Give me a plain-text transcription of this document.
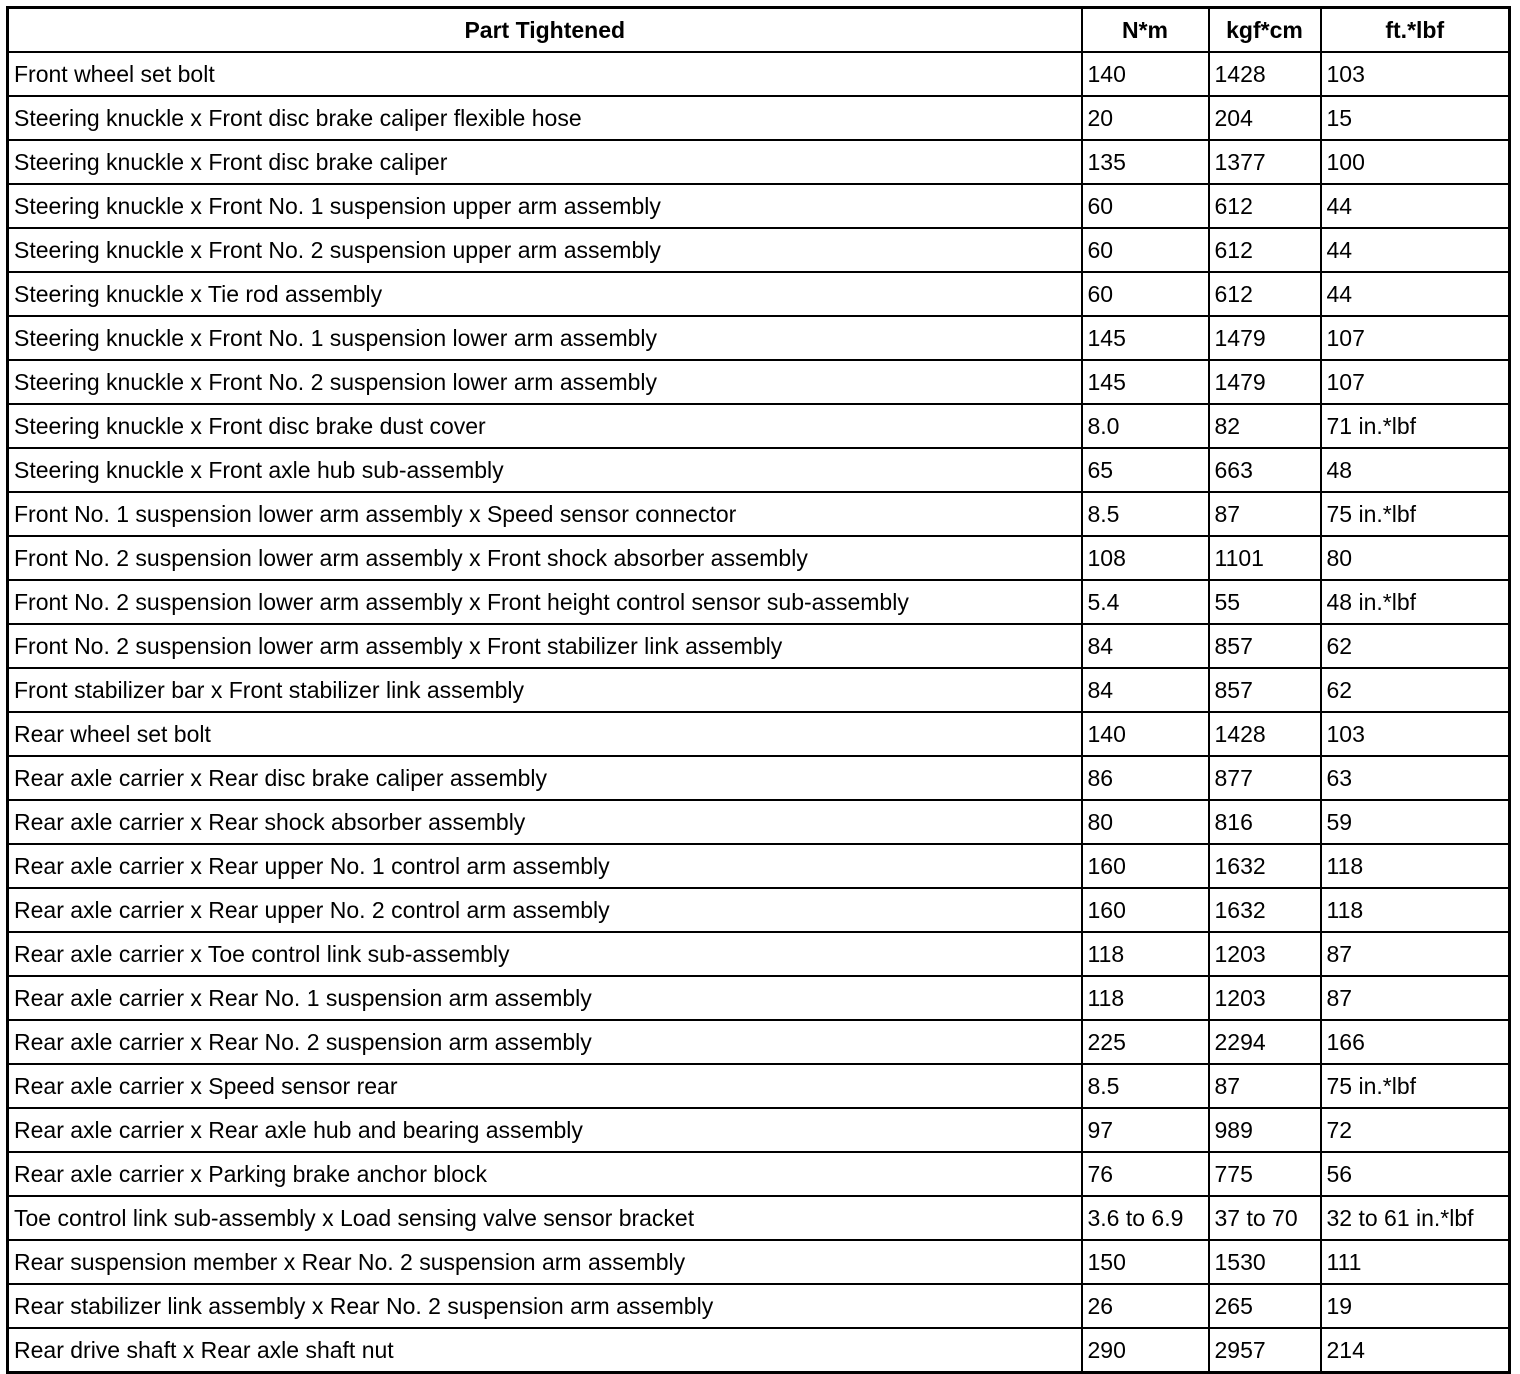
Part Tightened	N*m	kgf*cm	ft.*lbf
Front wheel set bolt	140	1428	103
Steering knuckle x Front disc brake caliper flexible hose	20	204	15
Steering knuckle x Front disc brake caliper	135	1377	100
Steering knuckle x Front No. 1 suspension upper arm assembly	60	612	44
Steering knuckle x Front No. 2 suspension upper arm assembly	60	612	44
Steering knuckle x Tie rod assembly	60	612	44
Steering knuckle x Front No. 1 suspension lower arm assembly	145	1479	107
Steering knuckle x Front No. 2 suspension lower arm assembly	145	1479	107
Steering knuckle x Front disc brake dust cover	8.0	82	71 in.*lbf
Steering knuckle x Front axle hub sub-assembly	65	663	48
Front No. 1 suspension lower arm assembly x Speed sensor connector	8.5	87	75 in.*lbf
Front No. 2 suspension lower arm assembly x Front shock absorber assembly	108	1101	80
Front No. 2 suspension lower arm assembly x Front height control sensor sub-assembly	5.4	55	48 in.*lbf
Front No. 2 suspension lower arm assembly x Front stabilizer link assembly	84	857	62
Front stabilizer bar x Front stabilizer link assembly	84	857	62
Rear wheel set bolt	140	1428	103
Rear axle carrier x Rear disc brake caliper assembly	86	877	63
Rear axle carrier x Rear shock absorber assembly	80	816	59
Rear axle carrier x Rear upper No. 1 control arm assembly	160	1632	118
Rear axle carrier x Rear upper No. 2 control arm assembly	160	1632	118
Rear axle carrier x Toe control link sub-assembly	118	1203	87
Rear axle carrier x Rear No. 1 suspension arm assembly	118	1203	87
Rear axle carrier x Rear No. 2 suspension arm assembly	225	2294	166
Rear axle carrier x Speed sensor rear	8.5	87	75 in.*lbf
Rear axle carrier x Rear axle hub and bearing assembly	97	989	72
Rear axle carrier x Parking brake anchor block	76	775	56
Toe control link sub-assembly x Load sensing valve sensor bracket	3.6 to 6.9	37 to 70	32 to 61 in.*lbf
Rear suspension member x Rear No. 2 suspension arm assembly	150	1530	111
Rear stabilizer link assembly x Rear No. 2 suspension arm assembly	26	265	19
Rear drive shaft x Rear axle shaft nut	290	2957	214
